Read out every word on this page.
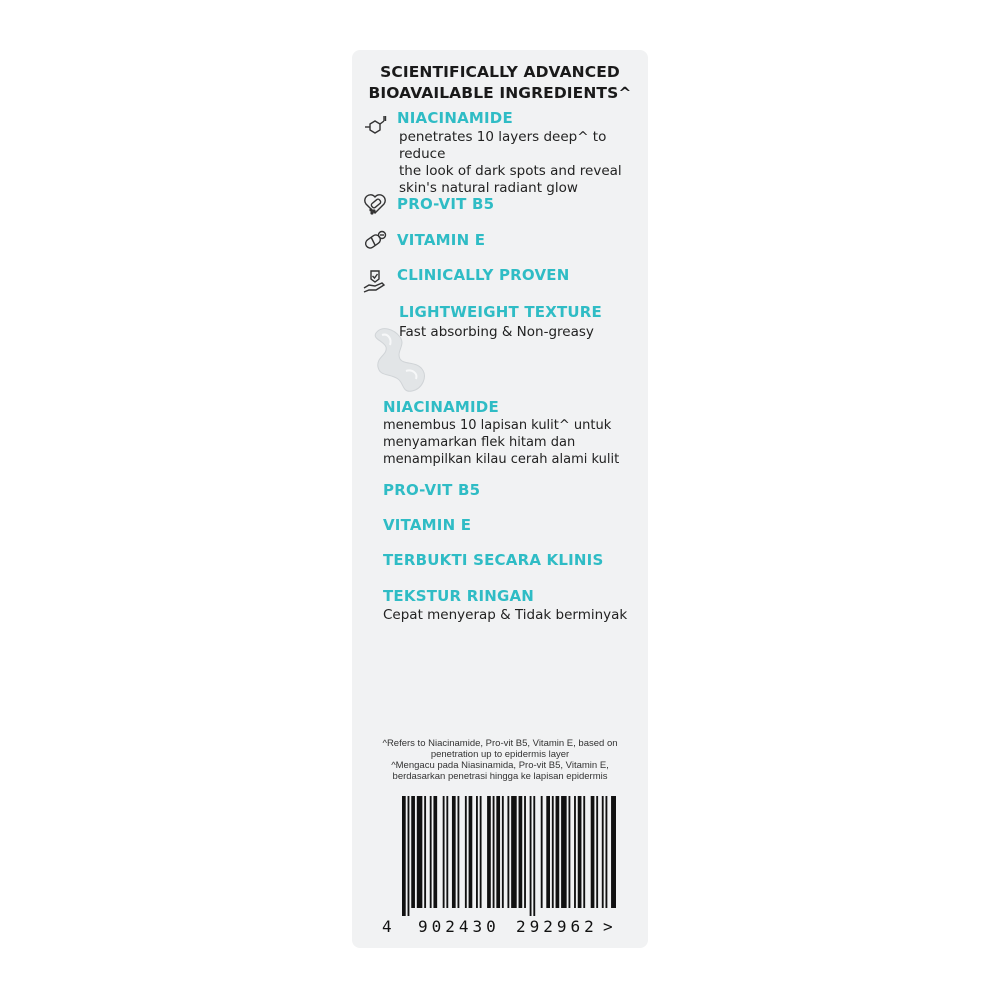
SCIENTIFICALLY ADVANCED
BIOAVAILABLE INGREDIENTS^
NIACINAMIDE
penetrates 10 layers deep^ to reduce
the look of dark spots and reveal
skin's natural radiant glow
PRO-VIT B5
VITAMIN E
CLINICALLY PROVEN
LIGHTWEIGHT TEXTURE
Fast absorbing & Non-greasy
NIACINAMIDE
menembus 10 lapisan kulit^ untuk
menyamarkan flek hitam dan
menampilkan kilau cerah alami kulit
PRO-VIT B5
VITAMIN E
TERBUKTI SECARA KLINIS
TEKSTUR RINGAN
Cepat menyerap & Tidak berminyak
^Refers to Niacinamide, Pro-vit B5, Vitamin E, based on
penetration up to epidermis layer
^Mengacu pada Niasinamida, Pro-vit B5, Vitamin E,
berdasarkan penetrasi hingga ke lapisan epidermis
4 902430 292962 >
